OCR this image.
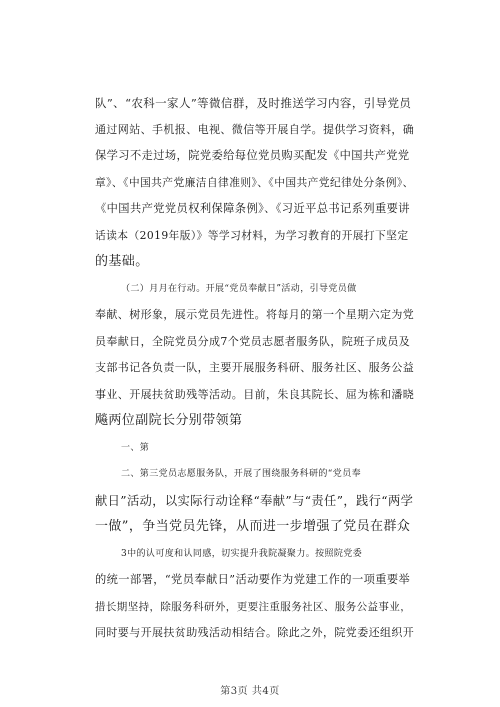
队”、“农科一家人”等微信群，及时推送学习内容，引导党员
通过网站、手机报、电视、微信等开展自学。提供学习资料，确
保学习不走过场，院党委给每位党员购买配发《中国共产党党
章》、《中国共产党廉洁自律准则》、《中国共产党纪律处分条例》、
《中国共产党党员权利保障条例》、《习近平总书记系列重要讲
话读本（2019年版）》等学习材料，为学习教育的开展打下坚定
的基础。
（二）月月在行动。开展“党员奉献日”活动，引导党员做
奉献、树形象，展示党员先进性。将每月的第一个星期六定为党
员奉献日，全院党员分成7个党员志愿者服务队，院班子成员及
支部书记各负责一队，主要开展服务科研、服务社区、服务公益
事业、开展扶贫助残等活动。目前，朱良其院长、屈为栋和潘晓
飚两位副院长分别带领第
一、第
二、第三党员志愿服务队，开展了围绕服务科研的“党员奉
献日”活动，以实际行动诠释“奉献”与“责任”，践行“两学
一做”，争当党员先锋，从而进一步增强了党员在群众
3中的认可度和认同感，切实提升我院凝聚力。按照院党委
的统一部署，“党员奉献日”活动要作为党建工作的一项重要举
措长期坚持，除服务科研外，更要注重服务社区、服务公益事业，
同时要与开展扶贫助残活动相结合。除此之外，院党委还组织开
第3页 共4页
